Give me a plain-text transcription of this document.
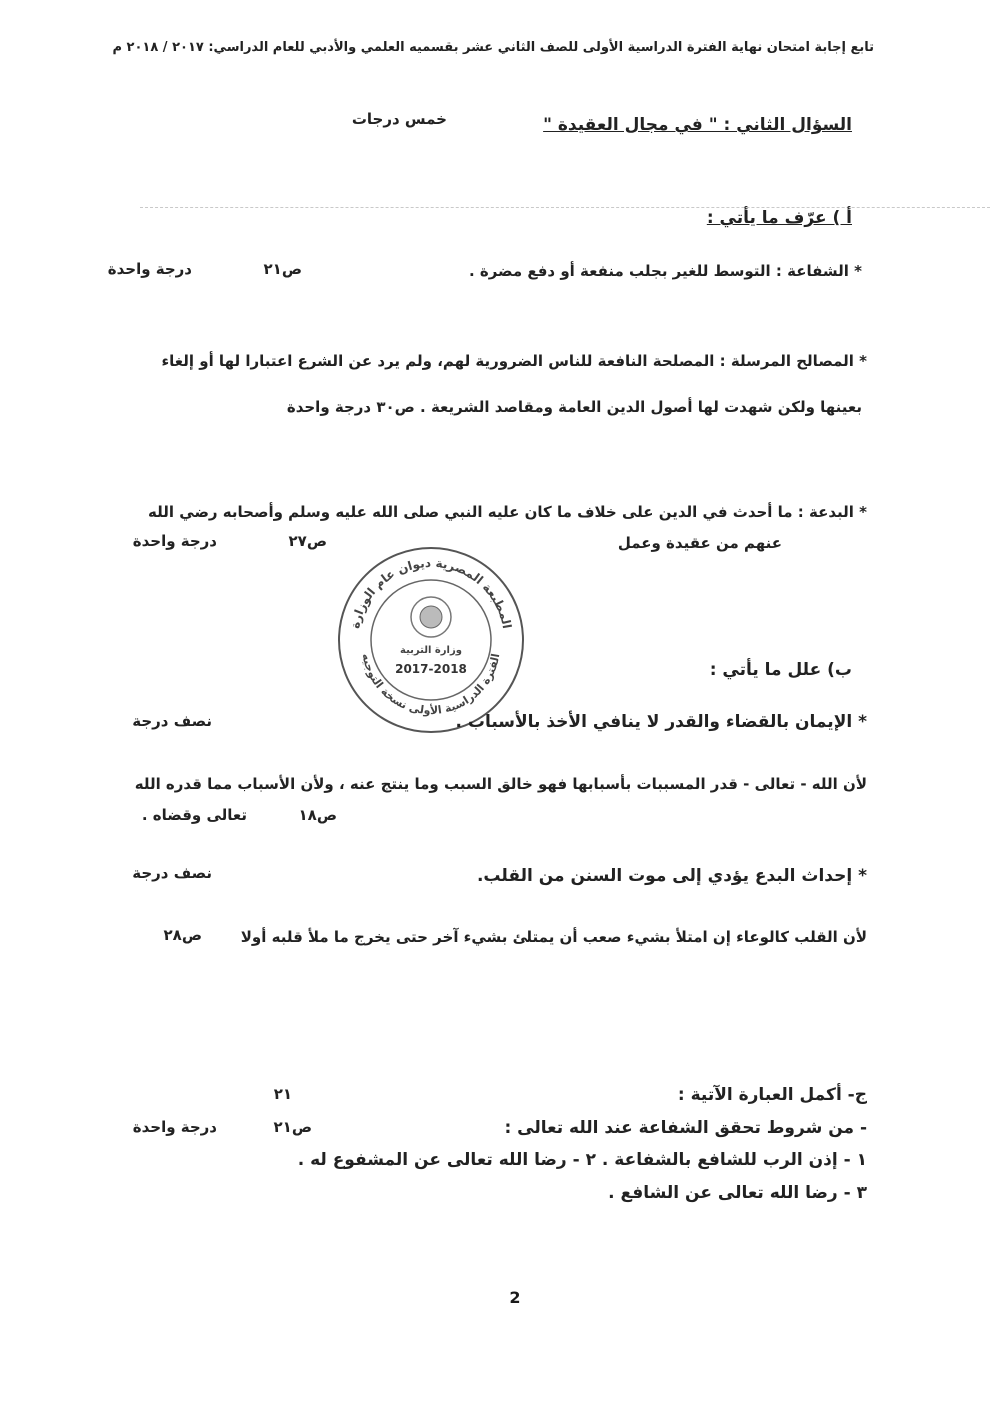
تابع إجابة امتحان نهاية الفترة الدراسية الأولى للصف الثاني عشر بقسميه العلمي والأدبي للعام الدراسي: ٢٠١٧ / ٢٠١٨ م
السؤال الثاني : " في مجال العقيدة "
خمس درجات
أ ) عرّف ما يأتي :
* الشفاعة : التوسط للغير بجلب منفعة أو دفع مضرة .
ص٢١
درجة واحدة
* المصالح المرسلة : المصلحة النافعة للناس الضرورية لهم، ولم يرد عن الشرع اعتبارا لها أو إلغاء
بعينها ولكن شهدت لها أصول الدين العامة ومقاصد الشريعة . ص٣٠ درجة واحدة
* البدعة : ما أحدث في الدين على خلاف ما كان عليه النبي صلى الله عليه وسلم وأصحابه رضي الله
عنهم من عقيدة وعمل
ص٢٧
درجة واحدة
المطبعة المصرية ديوان عام الوزارة
الفترة الدراسية الأولى نسخة التوجيه
وزارة التربية
2017-2018	ب) علل ما يأتي :
* الإيمان بالقضاء والقدر لا ينافي الأخذ بالأسباب .
نصف درجة
لأن الله - تعالى - قدر المسببات بأسبابها فهو خالق السبب وما ينتج عنه ، ولأن الأسباب مما قدره الله
تعالى وقضاه .	ص١٨
* إحداث البدع يؤدي إلى موت السنن من القلب.
نصف درجة
لأن القلب كالوعاء إن امتلأ بشيء صعب أن يمتلئ بشيء آخر حتى يخرج ما ملأ قلبه أولا
ص٢٨
٢١	ج- أكمل العبارة الآتية :
- من شروط تحقق الشفاعة عند الله تعالى :
ص٢١
درجة واحدة
١ - إذن الرب للشافع بالشفاعة . ٢ - رضا الله تعالى عن المشفوع له .
٣ - رضا الله تعالى عن الشافع .
2
